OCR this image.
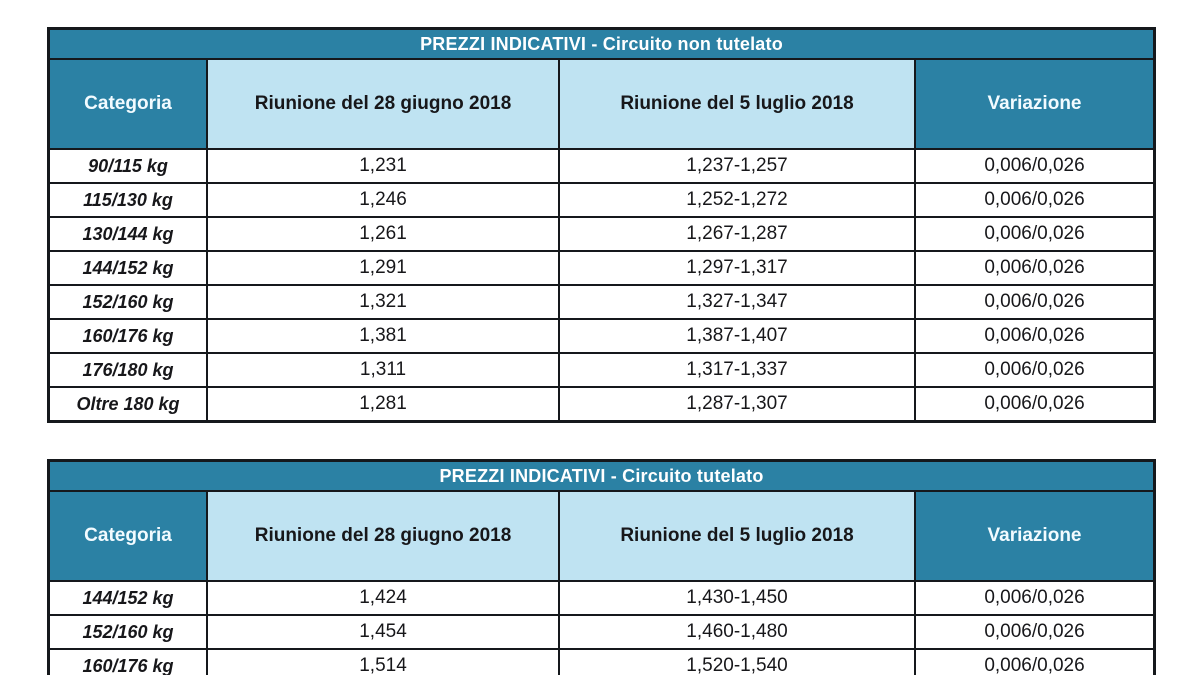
PREZZI INDICATIVI - Circuito non tutelato
Categoria	Riunione del 28 giugno 2018	Riunione del 5 luglio 2018	Variazione
90/115 kg	1,231	1,237-1,257	0,006/0,026
115/130 kg	1,246	1,252-1,272	0,006/0,026
130/144 kg	1,261	1,267-1,287	0,006/0,026
144/152 kg	1,291	1,297-1,317	0,006/0,026
152/160 kg	1,321	1,327-1,347	0,006/0,026
160/176 kg	1,381	1,387-1,407	0,006/0,026
176/180 kg	1,311	1,317-1,337	0,006/0,026
Oltre 180 kg	1,281	1,287-1,307	0,006/0,026
PREZZI INDICATIVI - Circuito tutelato
Categoria	Riunione del 28 giugno 2018	Riunione del 5 luglio 2018	Variazione
144/152 kg	1,424	1,430-1,450	0,006/0,026
152/160 kg	1,454	1,460-1,480	0,006/0,026
160/176 kg	1,514	1,520-1,540	0,006/0,026
